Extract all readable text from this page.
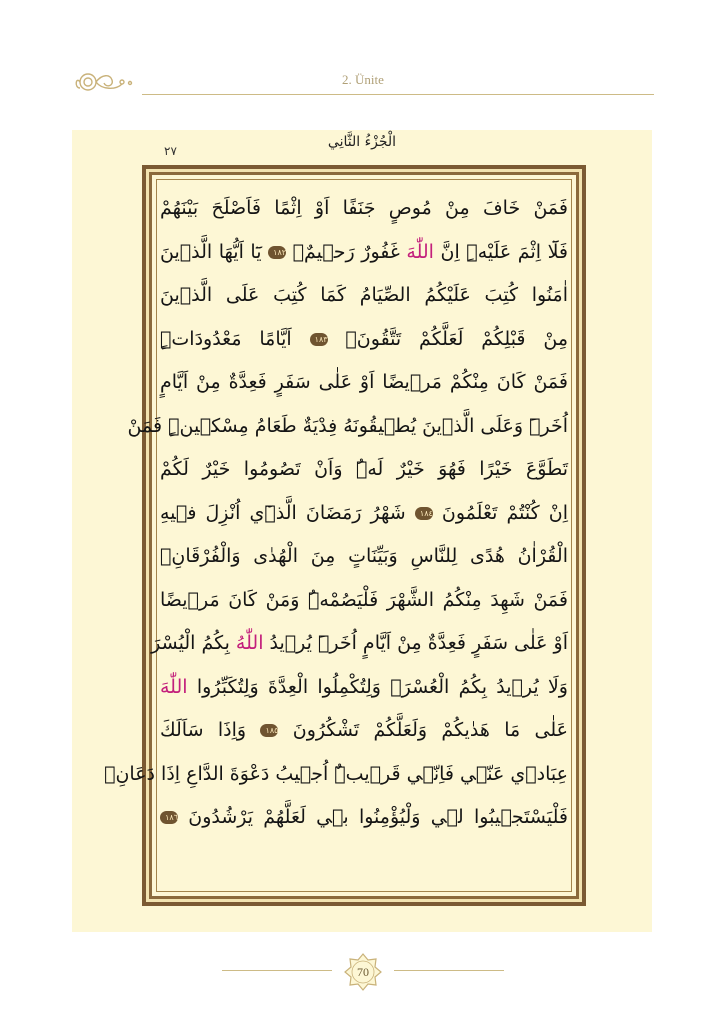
2. Ünite
الْجُزْءُ الثَّانِي
٢٧
فَمَنْ خَافَ مِنْ مُوصٍ جَنَفًا اَوْ اِثْمًا فَاَصْلَحَ بَيْنَهُمْ
فَلَٓا اِثْمَ عَلَيْهِۜ اِنَّ اللّٰهَ غَفُورٌ رَح۪يمٌ۟ ١٨٢ يَٓا اَيُّهَا الَّذ۪ينَ
اٰمَنُوا كُتِبَ عَلَيْكُمُ الصِّيَامُ كَمَا كُتِبَ عَلَى الَّذ۪ينَ
مِنْ قَبْلِكُمْ لَعَلَّكُمْ تَتَّقُونَۙ ١٨٣ اَيَّامًا مَعْدُودَاتٍۜ
فَمَنْ كَانَ مِنْكُمْ مَر۪يضًا اَوْ عَلٰى سَفَرٍ فَعِدَّةٌ مِنْ اَيَّامٍ
اُخَرَۜ وَعَلَى الَّذ۪ينَ يُط۪يقُونَهُ فِدْيَةٌ طَعَامُ مِسْك۪ينٍۜ فَمَنْ
تَطَوَّعَ خَيْرًا فَهُوَ خَيْرٌ لَهُۜ وَاَنْ تَصُومُوا خَيْرٌ لَكُمْ
اِنْ كُنْتُمْ تَعْلَمُونَ ١٨٤ شَهْرُ رَمَضَانَ الَّذ۪ٓي اُنْزِلَ ف۪يهِ
الْقُرْاٰنُ هُدًى لِلنَّاسِ وَبَيِّنَاتٍ مِنَ الْهُدٰى وَالْفُرْقَانِۚ
فَمَنْ شَهِدَ مِنْكُمُ الشَّهْرَ فَلْيَصُمْهُۜ وَمَنْ كَانَ مَر۪يضًا
اَوْ عَلٰى سَفَرٍ فَعِدَّةٌ مِنْ اَيَّامٍ اُخَرَۜ يُر۪يدُ اللّٰهُ بِكُمُ الْيُسْرَ
وَلَا يُر۪يدُ بِكُمُ الْعُسْرَۘ وَلِتُكْمِلُوا الْعِدَّةَ وَلِتُكَبِّرُوا اللّٰهَ
عَلٰى مَا هَدٰيكُمْ وَلَعَلَّكُمْ تَشْكُرُونَ ١٨٥ وَاِذَا سَاَلَكَ
عِبَاد۪ي عَنّ۪ي فَاِنّ۪ي قَر۪يبٌۜ اُج۪يبُ دَعْوَةَ الدَّاعِ اِذَا دَعَانِۙ
فَلْيَسْتَج۪يبُوا ل۪ي وَلْيُؤْمِنُوا ب۪ي لَعَلَّهُمْ يَرْشُدُونَ ١٨٦
70
